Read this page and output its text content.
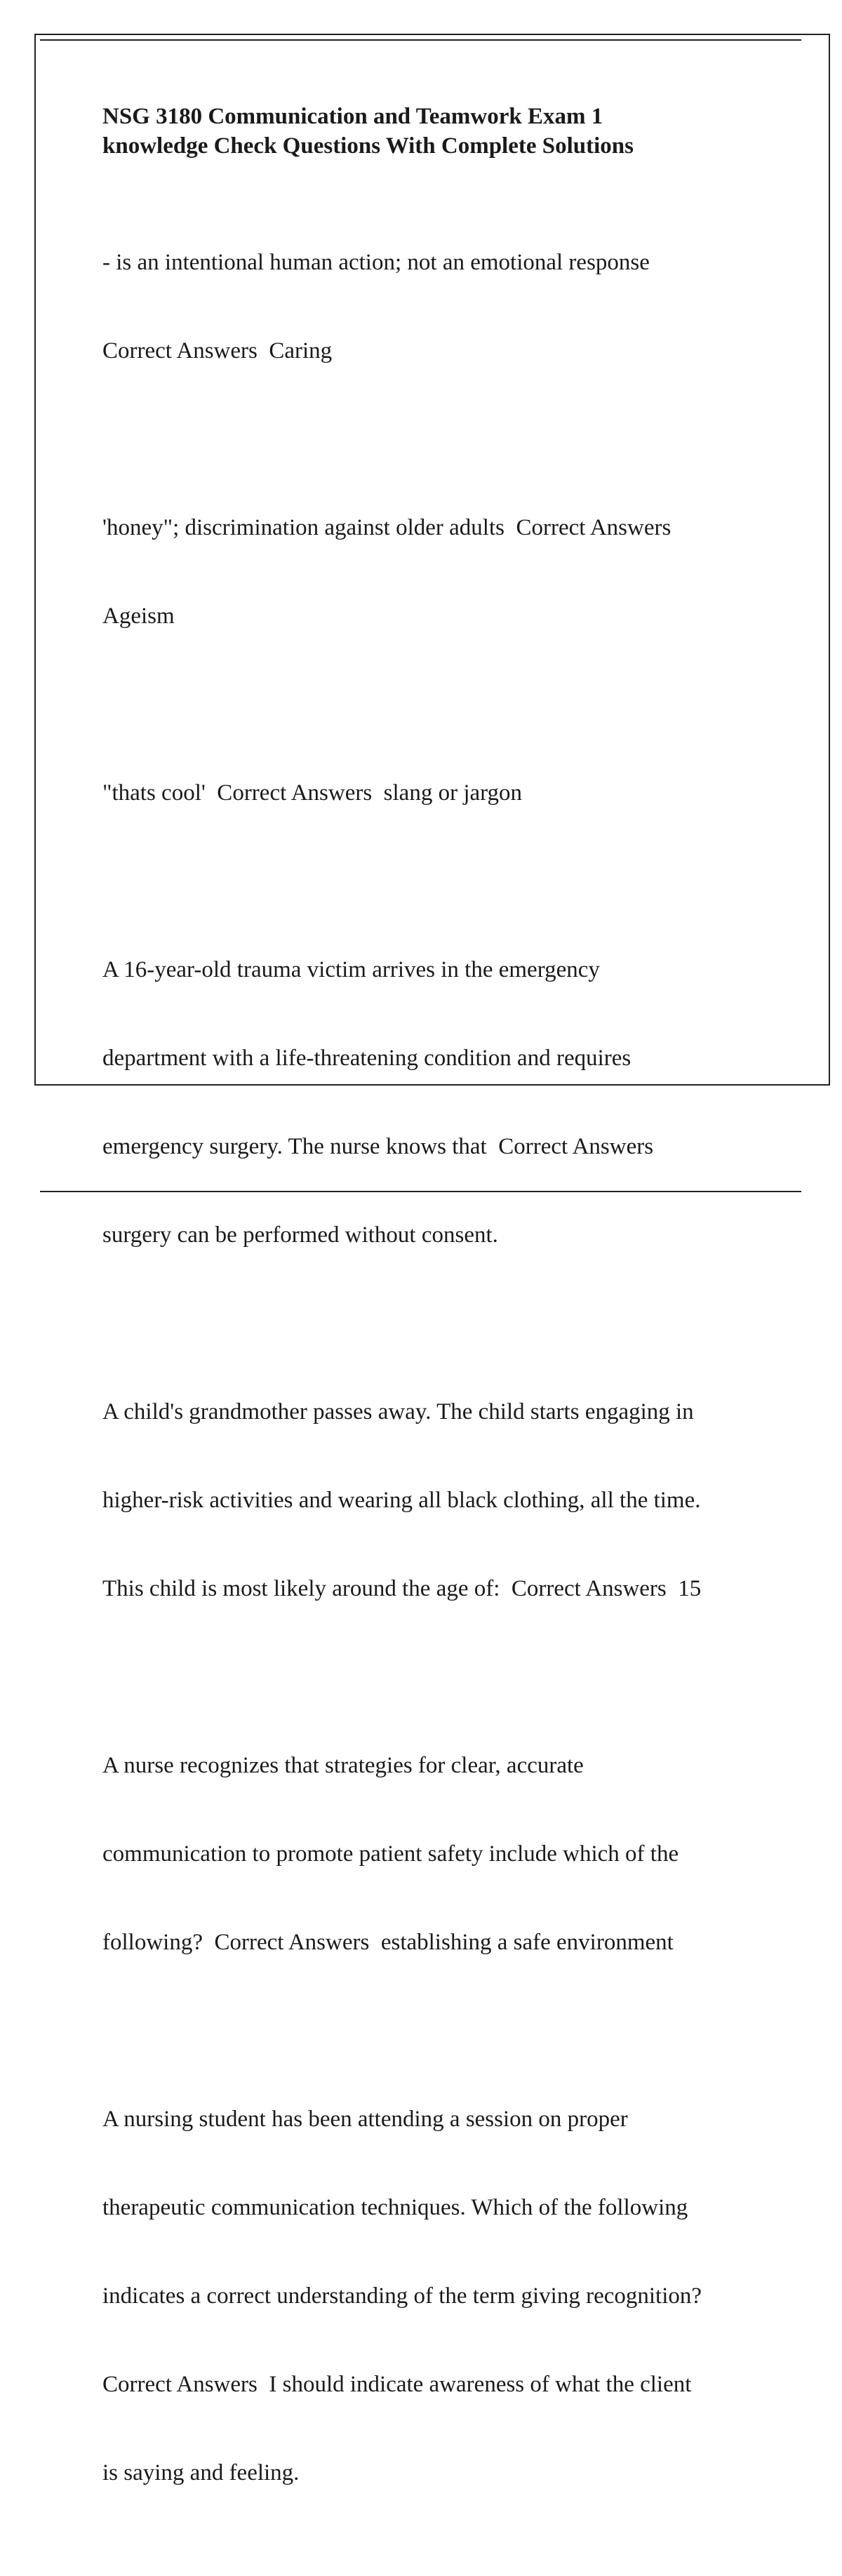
NSG 3180 Communication and Teamwork Exam 1
knowledge Check Questions With Complete Solutions

- is an intentional human action; not an emotional response

Correct Answers  Caring

'honey"; discrimination against older adults  Correct Answers

Ageism

"thats cool'  Correct Answers  slang or jargon

A 16-year-old trauma victim arrives in the emergency

department with a life-threatening condition and requires

emergency surgery. The nurse knows that  Correct Answers

surgery can be performed without consent.

A child's grandmother passes away. The child starts engaging in

higher-risk activities and wearing all black clothing, all the time.

This child is most likely around the age of:  Correct Answers  15

A nurse recognizes that strategies for clear, accurate

communication to promote patient safety include which of the

following?  Correct Answers  establishing a safe environment

A nursing student has been attending a session on proper

therapeutic communication techniques. Which of the following

indicates a correct understanding of the term giving recognition?

Correct Answers  I should indicate awareness of what the client

is saying and feeling.
